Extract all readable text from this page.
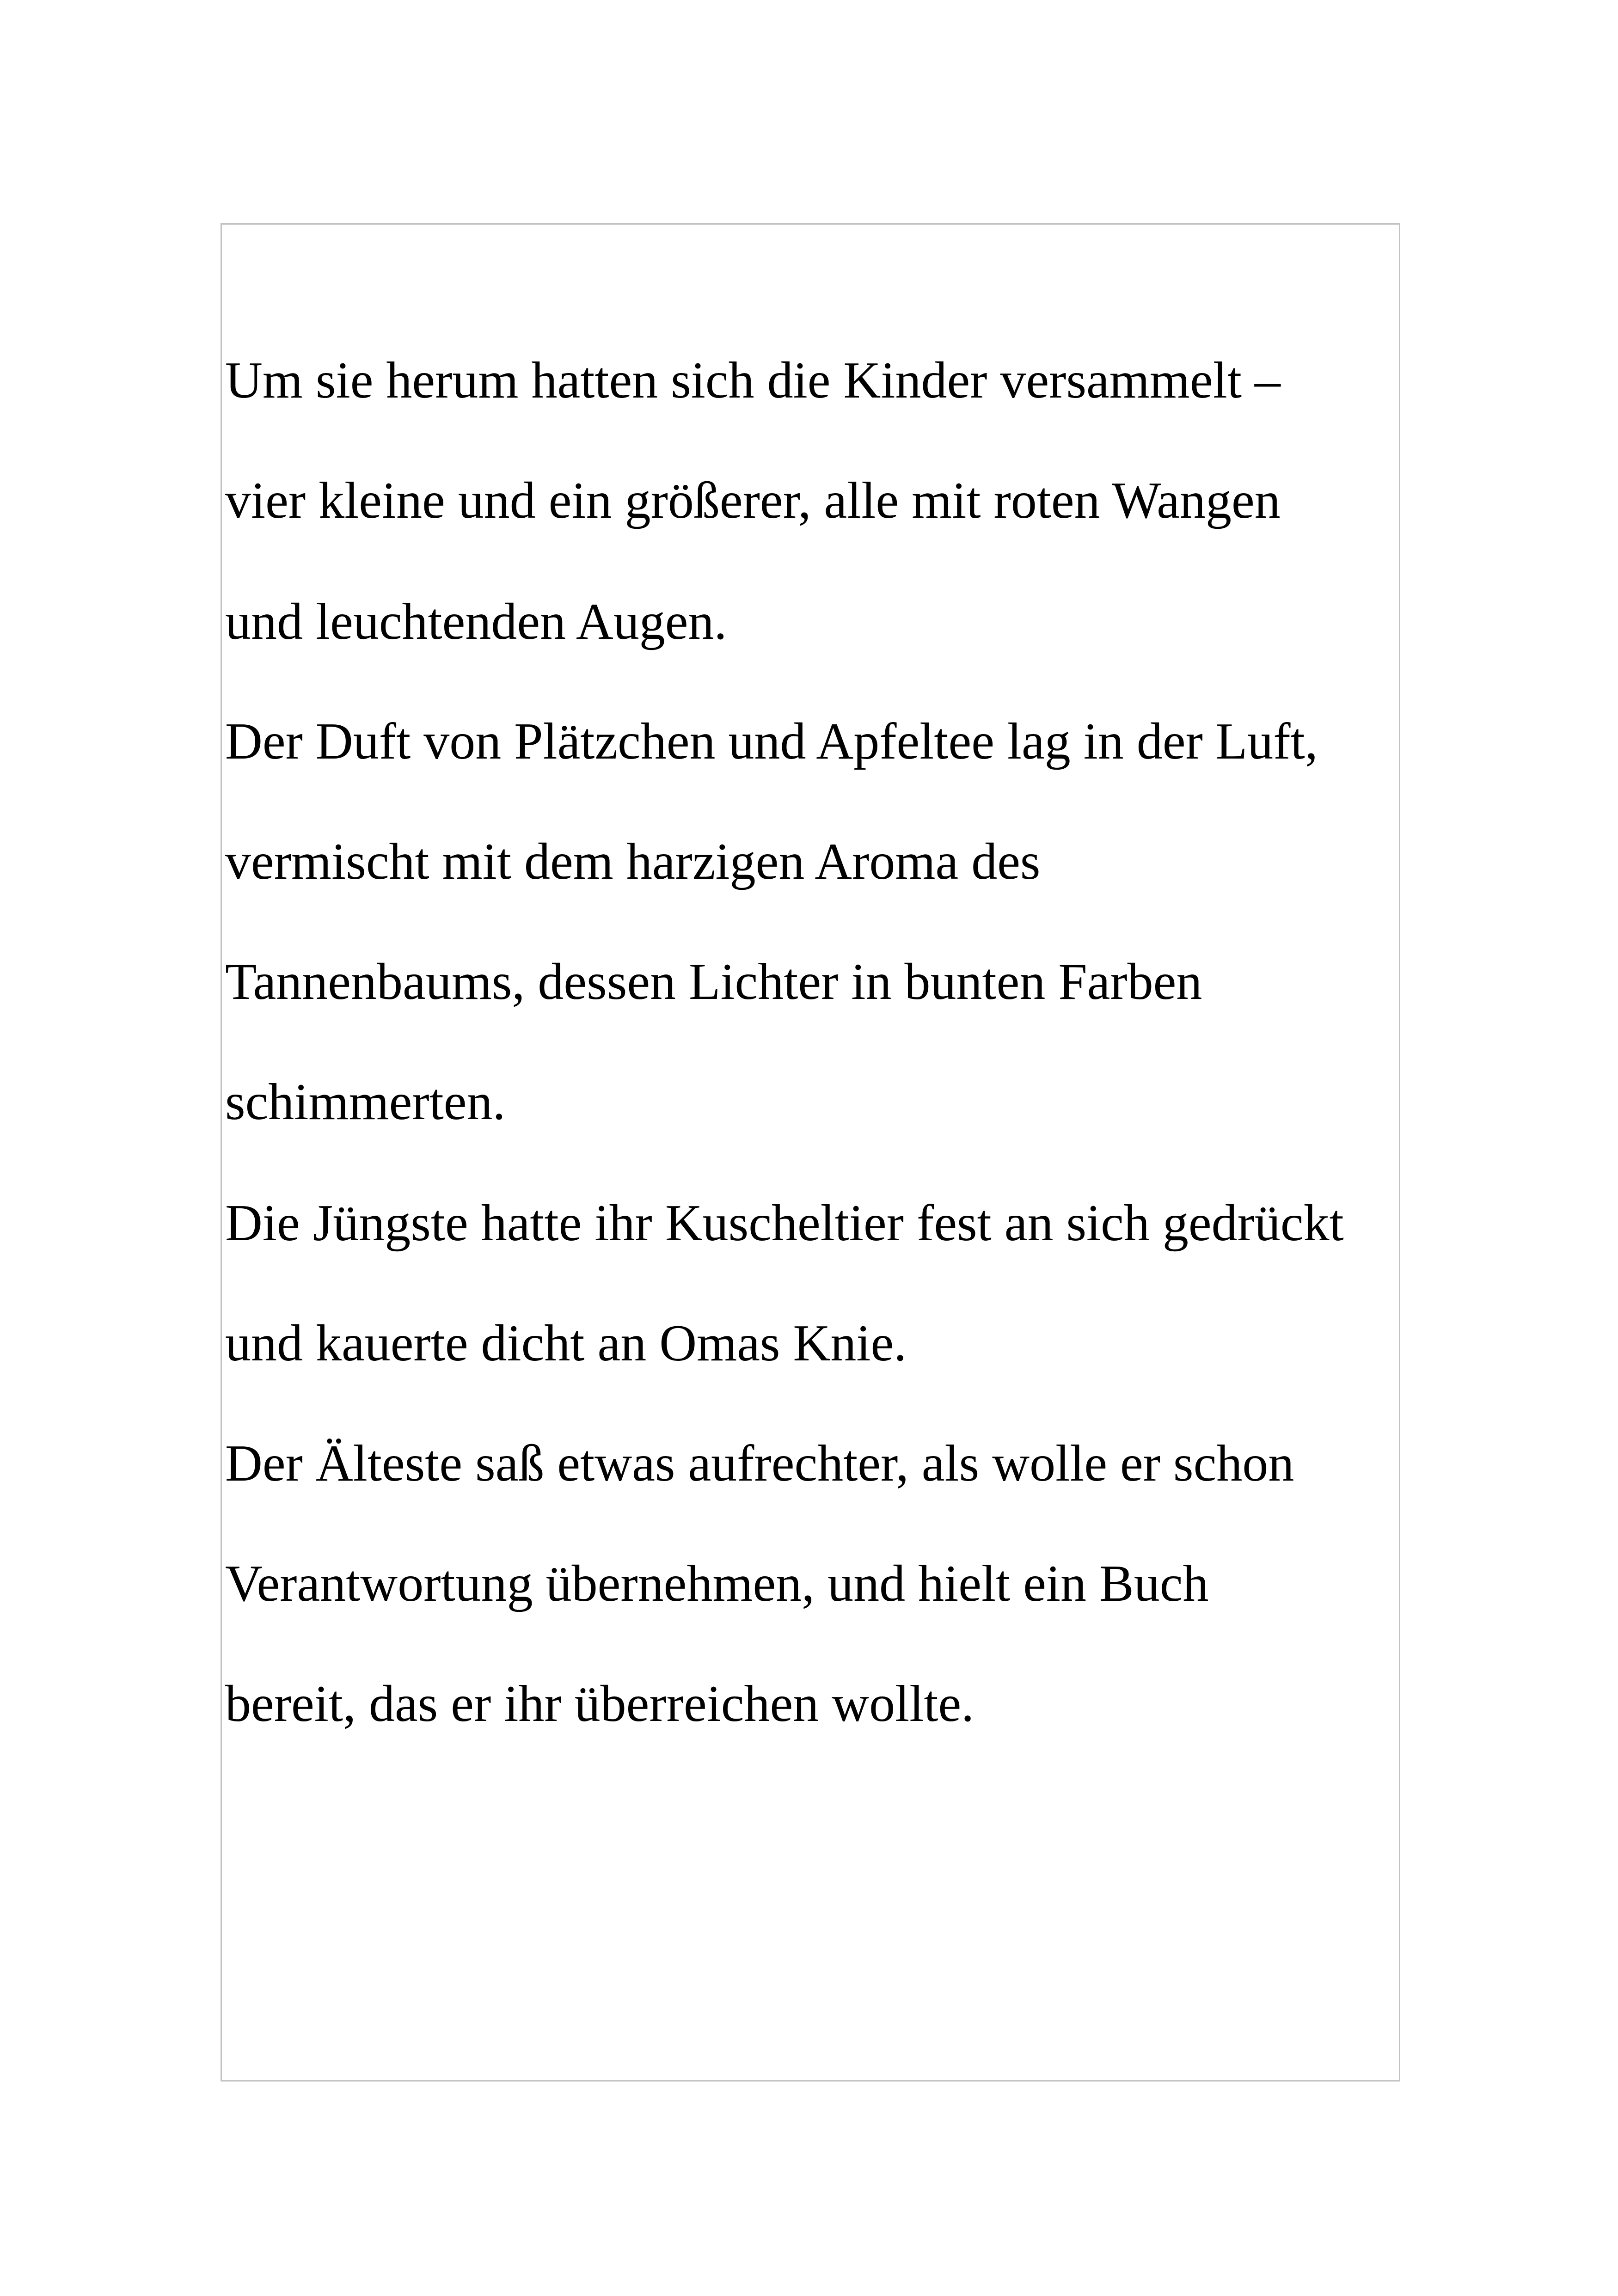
Um sie herum hatten sich die Kinder versammelt –
vier kleine und ein größerer, alle mit roten Wangen
und leuchtenden Augen.
Der Duft von Plätzchen und Apfeltee lag in der Luft,
vermischt mit dem harzigen Aroma des
Tannenbaums, dessen Lichter in bunten Farben
schimmerten.
Die Jüngste hatte ihr Kuscheltier fest an sich gedrückt
und kauerte dicht an Omas Knie.
Der Älteste saß etwas aufrechter, als wolle er schon
Verantwortung übernehmen, und hielt ein Buch
bereit, das er ihr überreichen wollte.
